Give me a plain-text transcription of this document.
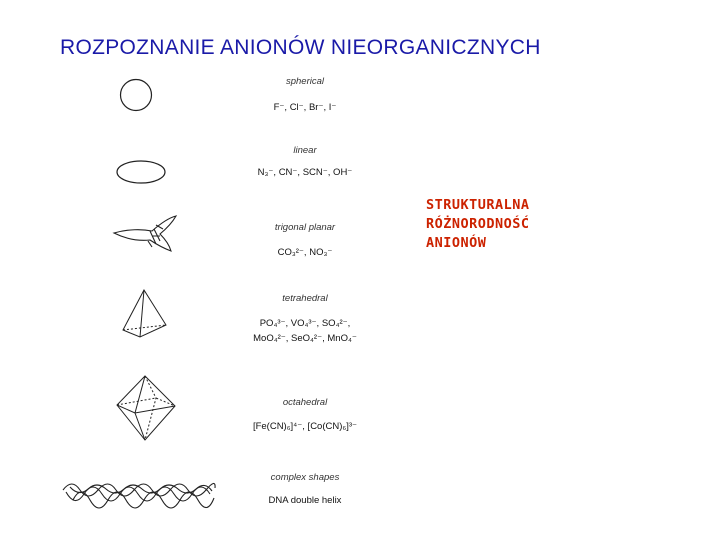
ROZPOZNANIE ANIONÓW NIEORGANICZNYCH
spherical
F⁻, Cl⁻, Br⁻, I⁻
linear
N₃⁻, CN⁻, SCN⁻, OH⁻
trigonal planar
CO₃²⁻, NO₃⁻
tetrahedral
PO₄³⁻, VO₄³⁻, SO₄²⁻,
MoO₄²⁻, SeO₄²⁻, MnO₄⁻
octahedral
[Fe(CN)₆]⁴⁻, [Co(CN)₆]³⁻
complex shapes
DNA double helix
STRUKTURALNA
RÓŻNORODNOŚĆ
ANIONÓW
